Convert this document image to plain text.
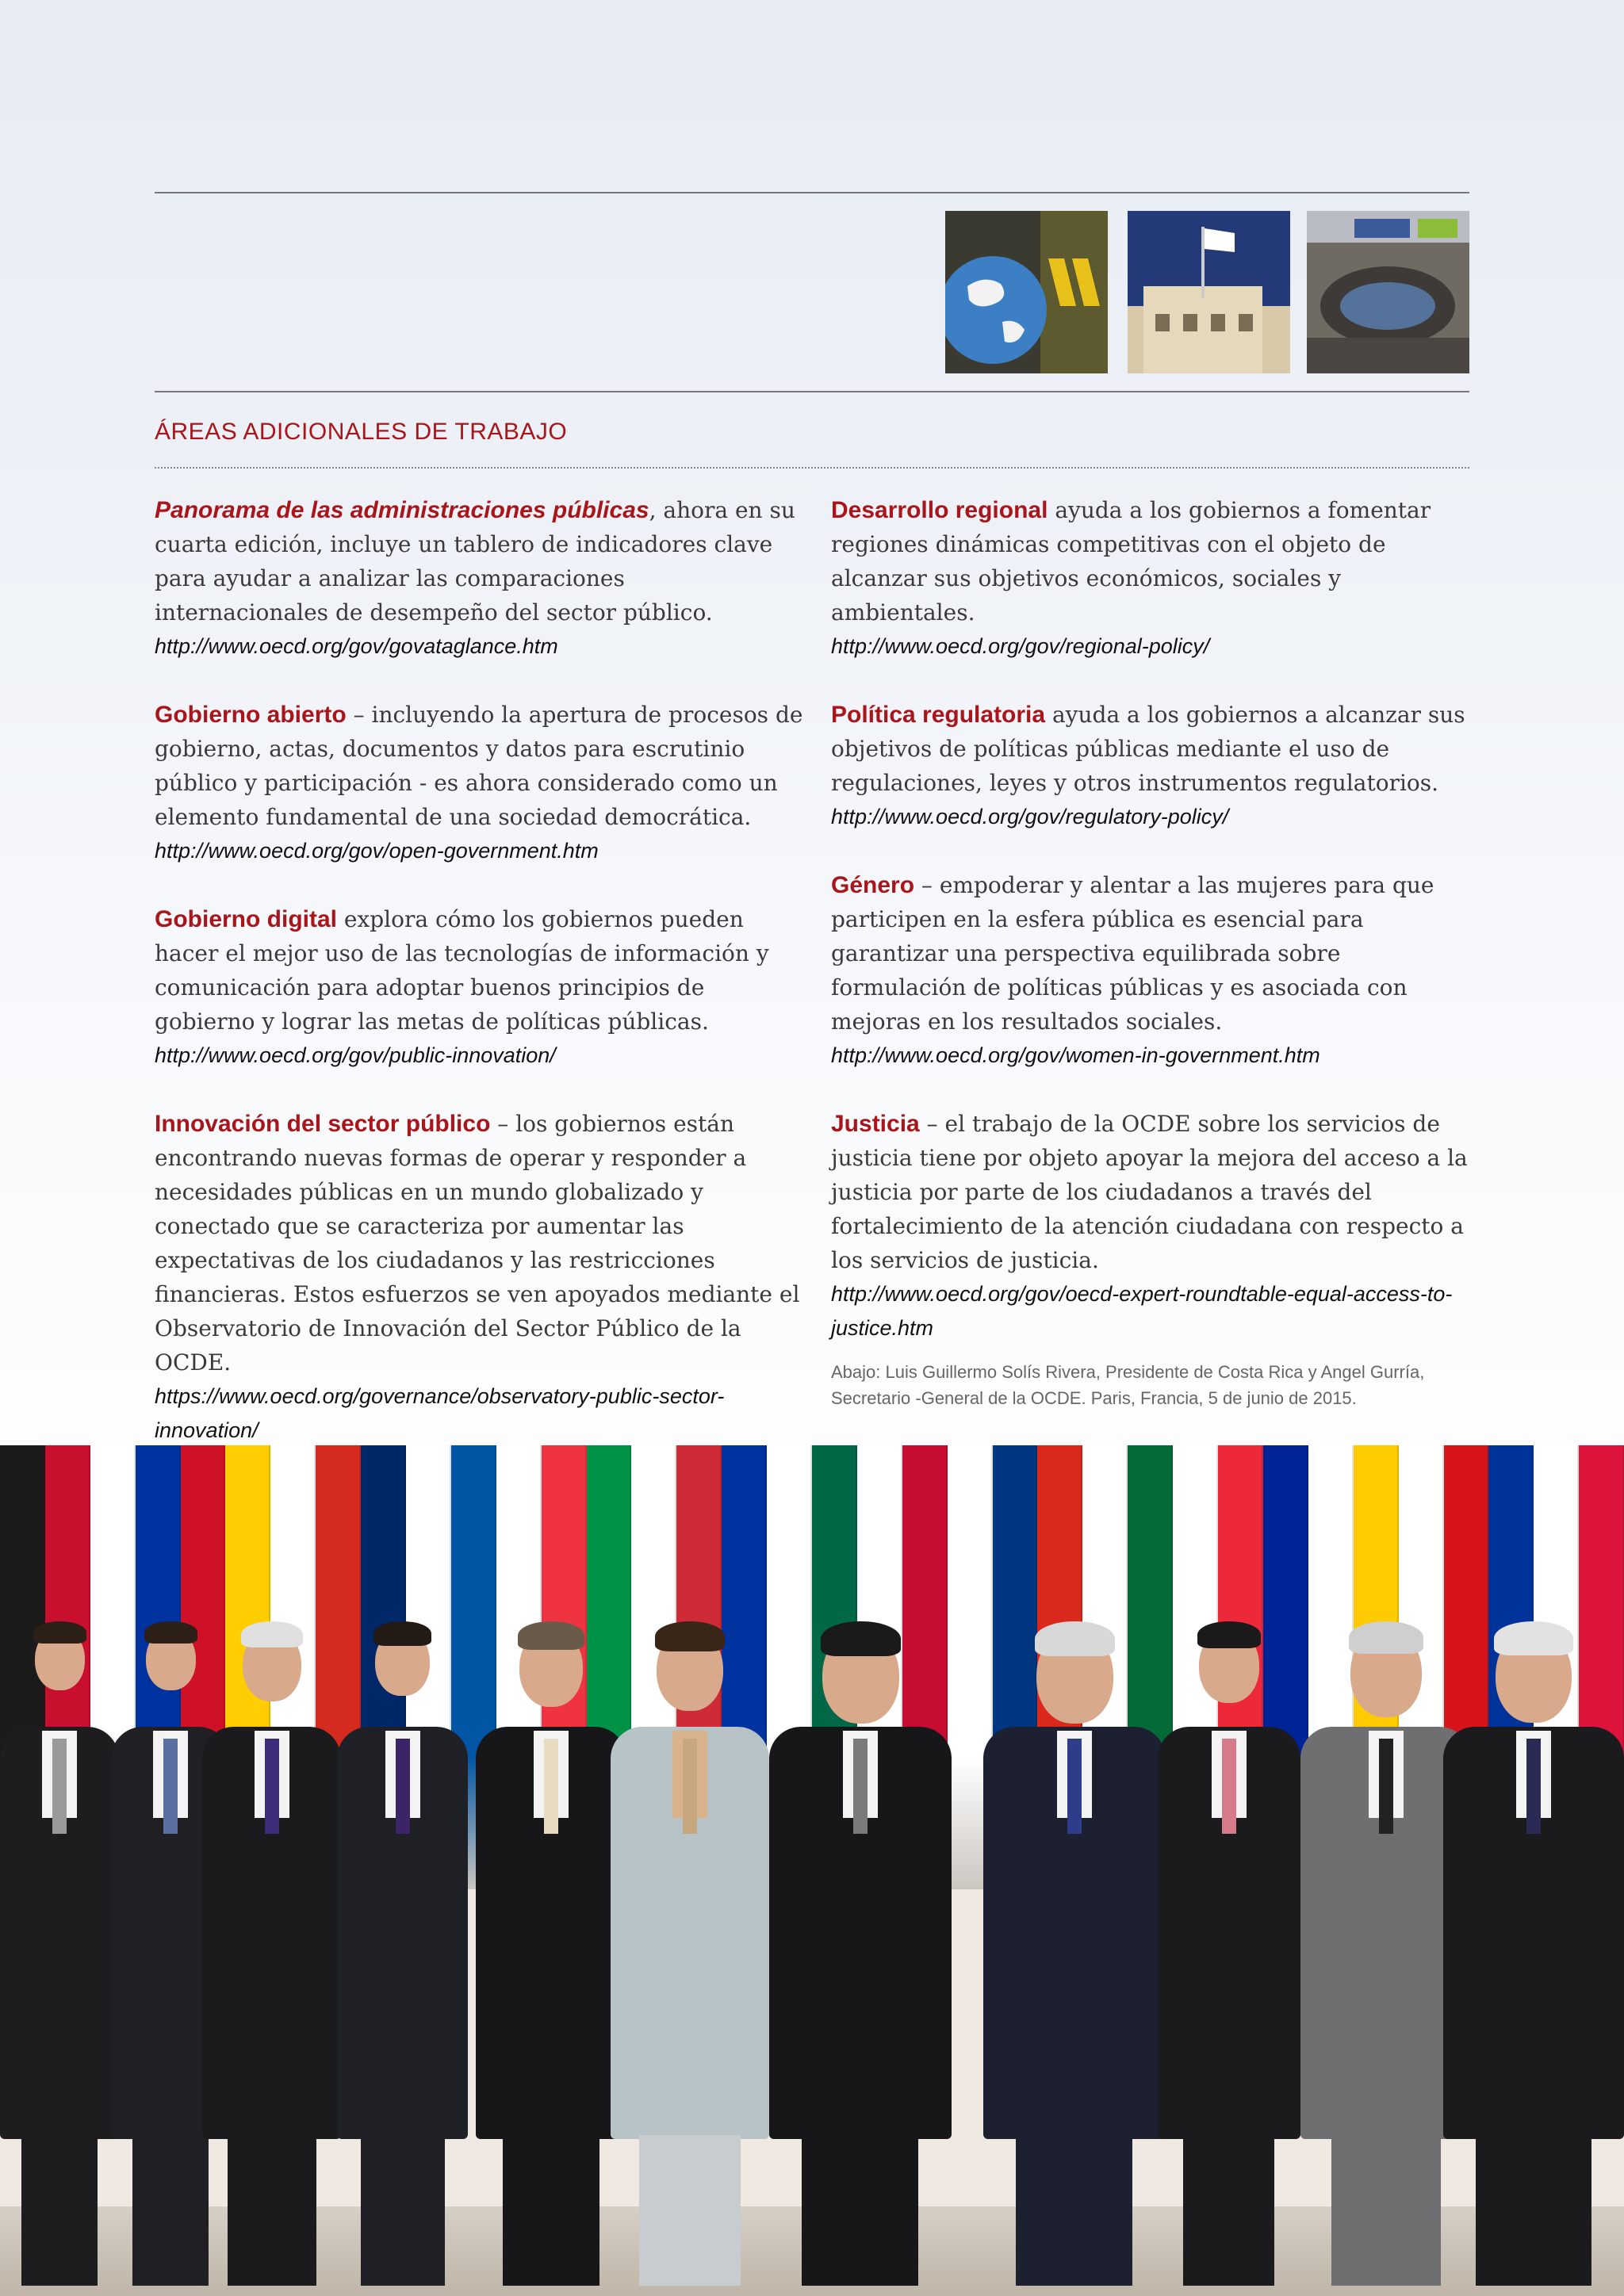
ÁREAS ADICIONALES DE TRABAJO

Panorama de las administraciones públicas, ahora en su cuarta edición, incluye un tablero de indicadores clave para ayudar a analizar las comparaciones internacionales de desempeño del sector público.
http://www.oecd.org/gov/govataglance.htm

Gobierno abierto – incluyendo la apertura de procesos de gobierno, actas, documentos y datos para escrutinio público y participación - es ahora considerado como un elemento fundamental de una sociedad democrática.
http://www.oecd.org/gov/open-government.htm

Gobierno digital explora cómo los gobiernos pueden hacer el mejor uso de las tecnologías de información y comunicación para adoptar buenos principios de gobierno y lograr las metas de políticas públicas.
http://www.oecd.org/gov/public-innovation/

Innovación del sector público – los gobiernos están encontrando nuevas formas de operar y responder a necesidades públicas en un mundo globalizado y conectado que se caracteriza por aumentar las expectativas de los ciudadanos y las restricciones financieras. Estos esfuerzos se ven apoyados mediante el Observatorio de Innovación del Sector Público de la OCDE.
https://www.oecd.org/governance/observatory-public-sector-innovation/

Desarrollo regional ayuda a los gobiernos a fomentar regiones dinámicas competitivas con el objeto de alcanzar sus objetivos económicos, sociales y ambientales.
http://www.oecd.org/gov/regional-policy/

Política regulatoria ayuda a los gobiernos a alcanzar sus objetivos de políticas públicas mediante el uso de regulaciones, leyes y otros instrumentos regulatorios.
http://www.oecd.org/gov/regulatory-policy/

Género – empoderar y alentar a las mujeres para que participen en la esfera pública es esencial para garantizar una perspectiva equilibrada sobre formulación de políticas públicas y es asociada con mejoras en los resultados sociales.
http://www.oecd.org/gov/women-in-government.htm

Justicia – el trabajo de la OCDE sobre los servicios de justicia tiene por objeto apoyar la mejora del acceso a la justicia por parte de los ciudadanos a través del fortalecimiento de la atención ciudadana con respecto a los servicios de justicia.
http://www.oecd.org/gov/oecd-expert-roundtable-equal-access-to-justice.htm

Abajo: Luis Guillermo Solís Rivera, Presidente de Costa Rica y Angel Gurría, Secretario -General de la OCDE. Paris, Francia, 5 de junio de 2015.
